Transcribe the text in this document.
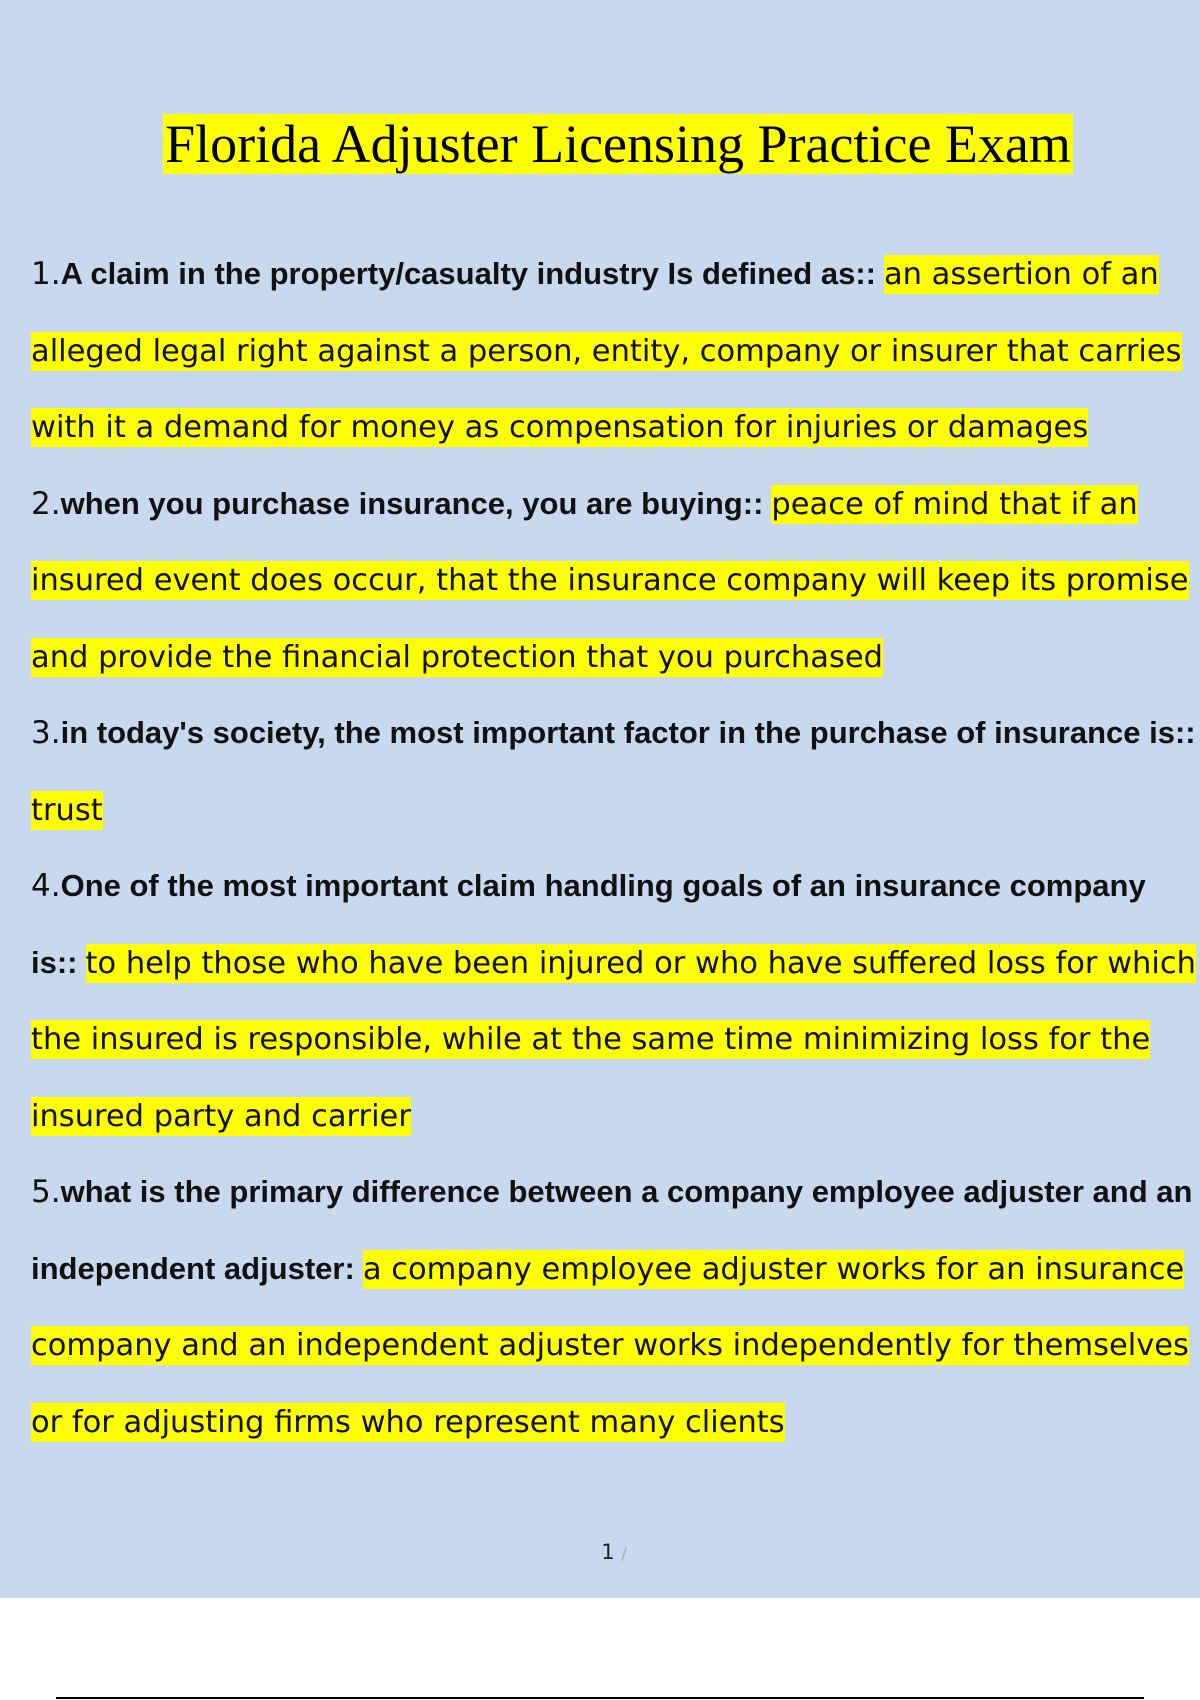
Florida Adjuster Licensing Practice Exam
1.A claim in the property/casualty industry Is defined as:: an assertion of an alleged legal right against a person, entity, company or insurer that carries with it a demand for money as compensation for injuries or damages
2.when you purchase insurance, you are buying:: peace of mind that if an insured event does occur, that the insurance company will keep its promise and provide the financial protection that you purchased
3.in today's society, the most important factor in the purchase of insurance is:: trust
4.One of the most important claim handling goals of an insurance company is:: to help those who have been injured or who have suffered loss for which the insured is responsible, while at the same time minimizing loss for the insured party and carrier
5.what is the primary difference between a company employee adjuster and an independent adjuster: a company employee adjuster works for an insurance company and an independent adjuster works independently for themselves or for adjusting firms who represent many clients
1 /
